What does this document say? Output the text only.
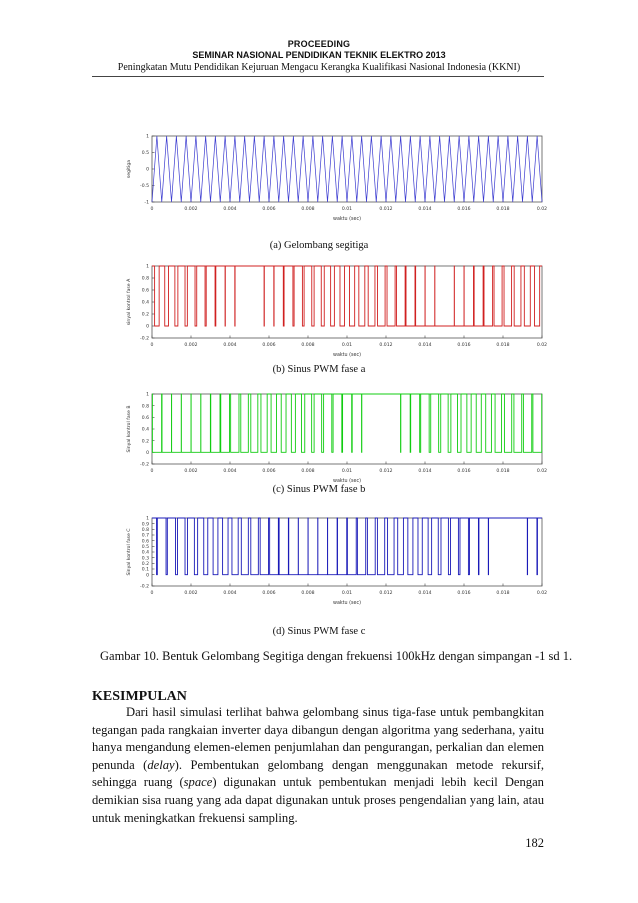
PROCEEDING
SEMINAR NASIONAL PENDIDIKAN TEKNIK ELEKTRO 2013
Peningkatan Mutu Pendidikan Kejuruan Mengacu Kerangka Kualifikasi Nasional Indonesia (KKNI)
0	0.002	0.004	0.006	0.008	0.01	0.012	0.014	0.016	0.018	0.02
-1
-0.5
0
0.5
1
waktu (sec)
segitiga
(a) Gelombang segitiga
0	0.002	0.004	0.006	0.008	0.01	0.012	0.014	0.016	0.018	0.02
-0.2
0
0.2
0.4
0.6
0.8
1
waktu (sec)
sinyal kontrol fase A
(b) Sinus PWM fase a
0	0.002	0.004	0.006	0.008	0.01	0.012	0.014	0.016	0.018	0.02
-0.2
0
0.2
0.4
0.6
0.8
1
waktu (sec)
Sinyal kontrol fase B
(c) Sinus PWM fase b
0	0.002	0.004	0.006	0.008	0.01	0.012	0.014	0.016	0.018	0.02
-0.2
0
0.1
0.2
0.3
0.4
0.5
0.6
0.7
0.8
0.9
1
waktu (sec)
Sinyal kontrol fase C
(d) Sinus PWM fase c
Gambar 10. Bentuk Gelombang Segitiga dengan frekuensi 100kHz dengan simpangan -1 sd 1.
KESIMPULAN
Dari hasil simulasi terlihat bahwa gelombang sinus tiga-fase untuk pembangkitan tegangan pada rangkaian inverter daya dibangun dengan algoritma yang sederhana, yaitu hanya mengandung elemen-elemen penjumlahan dan pengurangan, perkalian dan elemen penunda (delay). Pembentukan gelombang dengan menggunakan metode rekursif, sehingga ruang (space) digunakan untuk pembentukan menjadi lebih kecil Dengan demikian sisa ruang yang ada dapat digunakan untuk proses pengendalian yang lain, atau untuk meningkatkan frekuensi sampling.
182
